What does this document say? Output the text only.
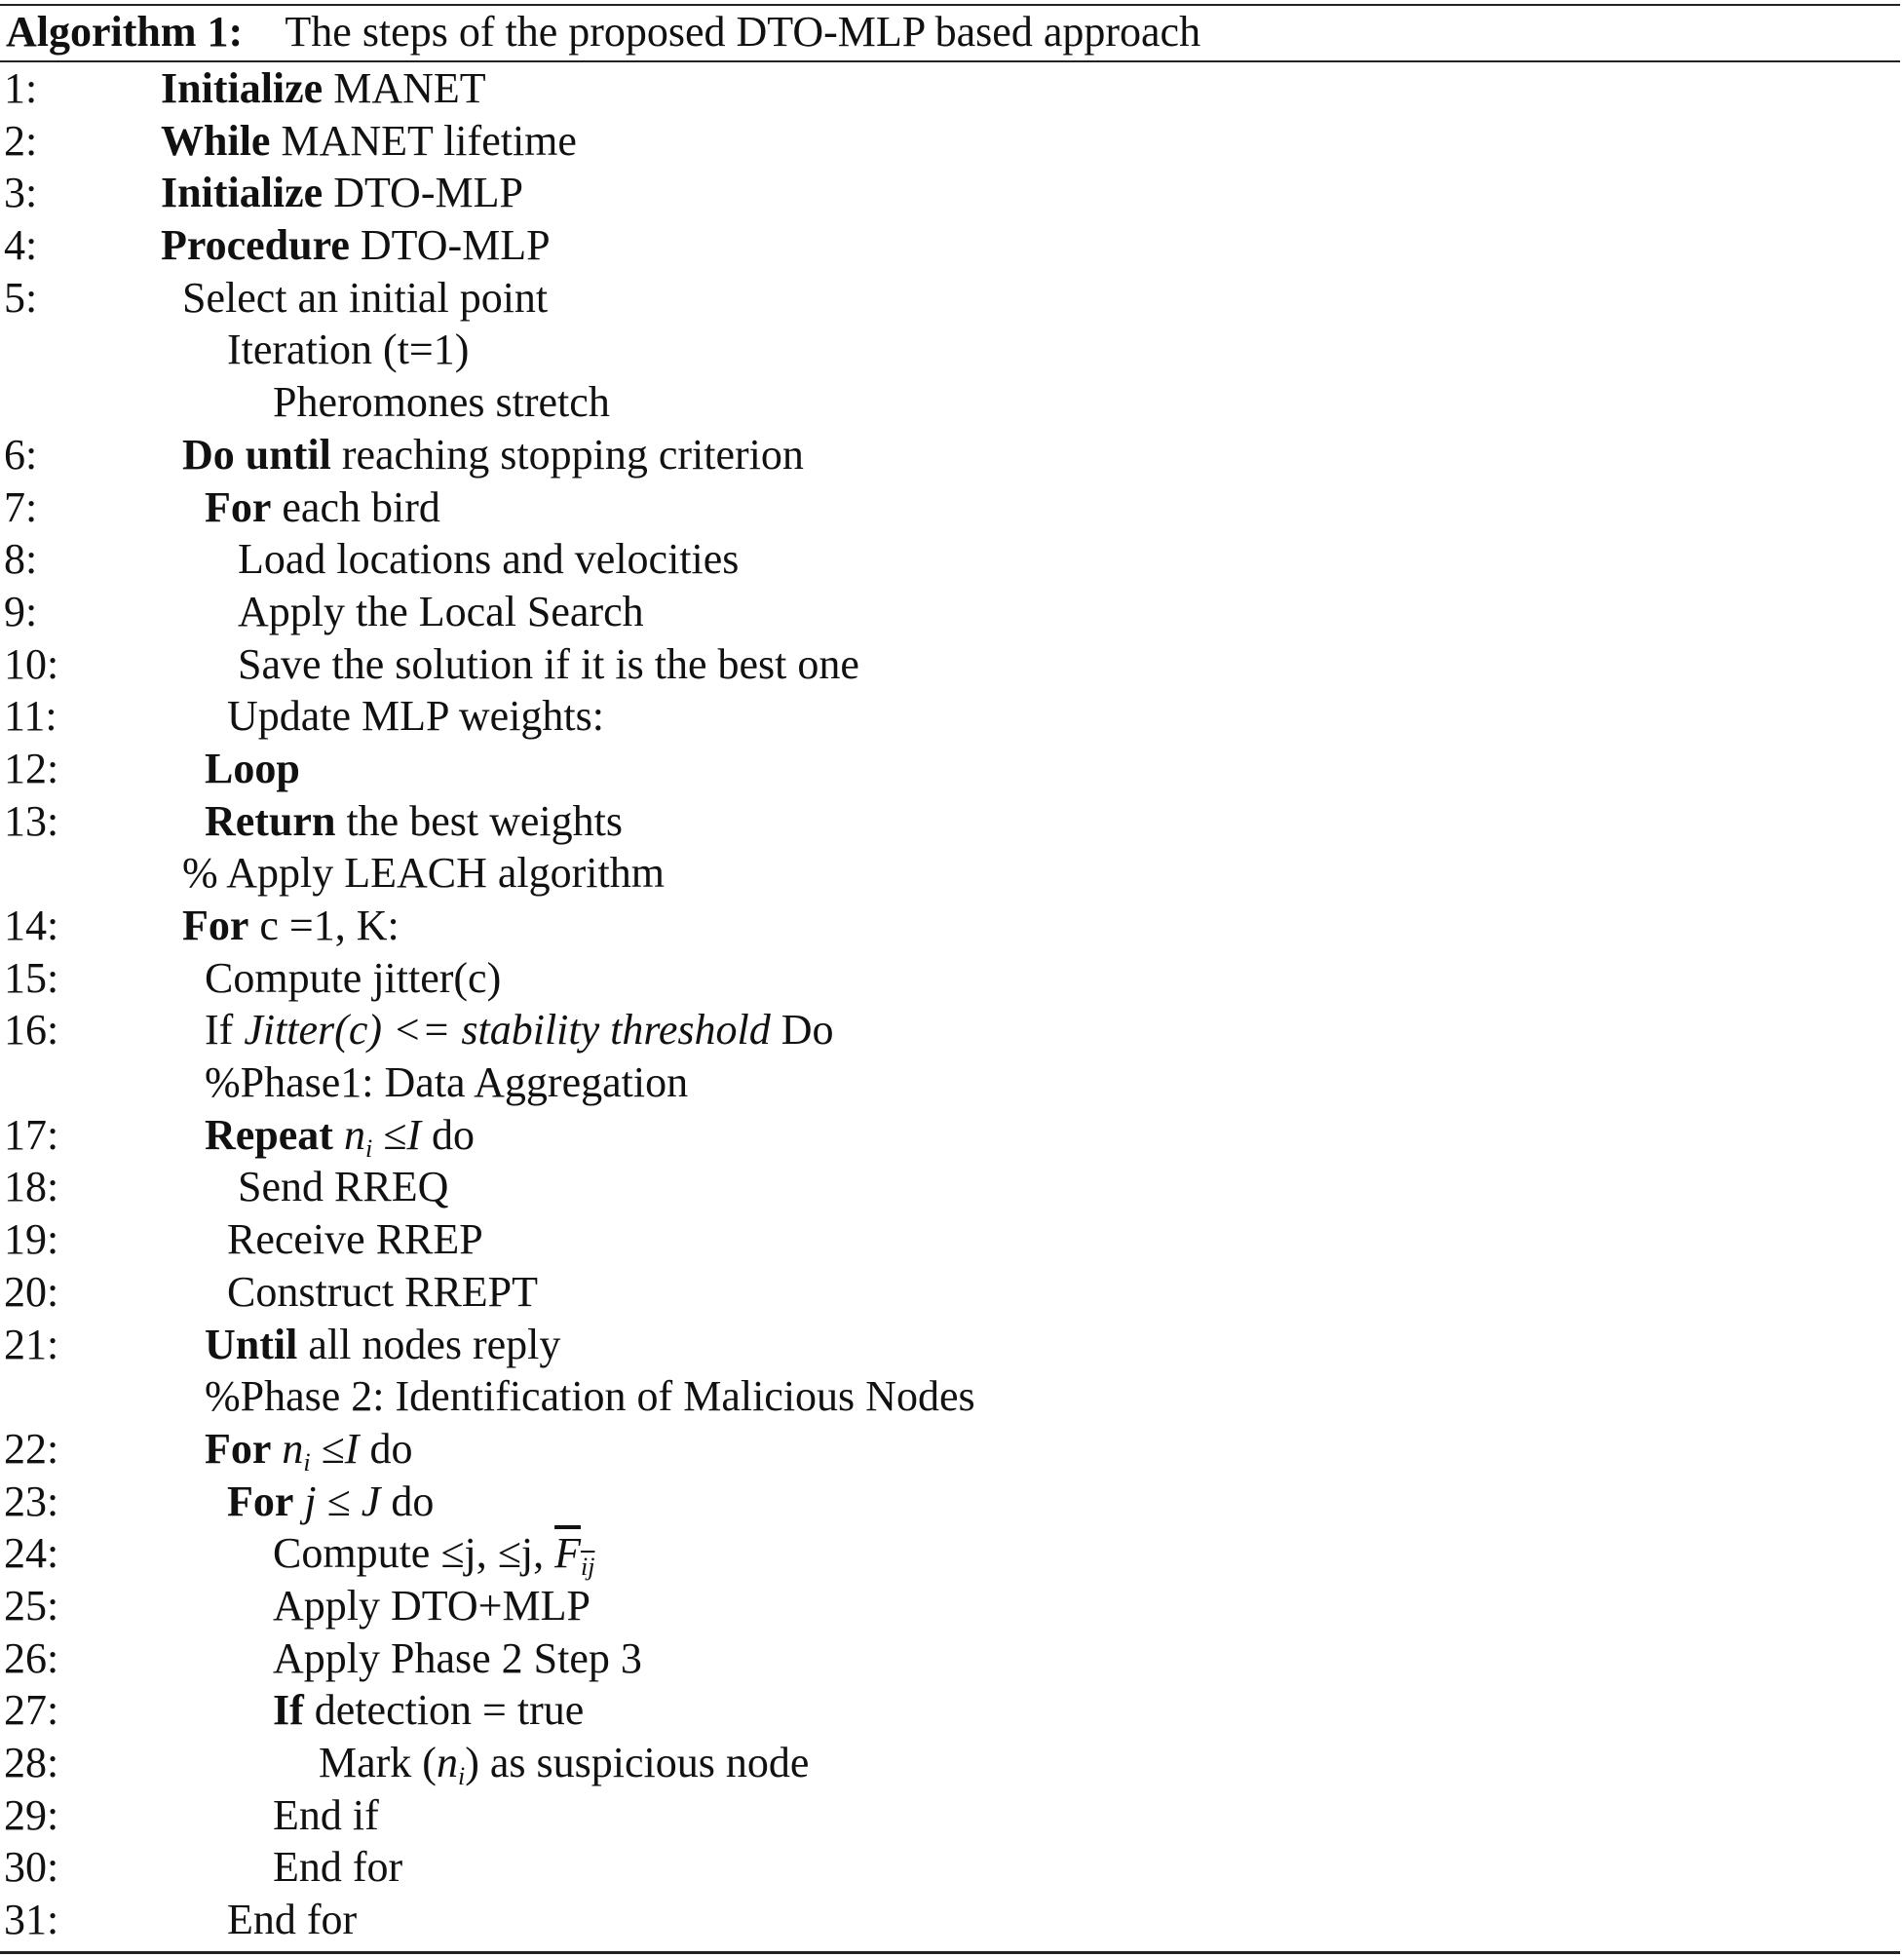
Algorithm 1: The steps of the proposed DTO-MLP based approach
1:	Initialize MANET
2:	While MANET lifetime
3:	Initialize DTO-MLP
4:	Procedure DTO-MLP
5:	Select an initial point
Iteration (t=1)
Pheromones stretch
6:	Do until reaching stopping criterion
7:	For each bird
8:	Load locations and velocities
9:	Apply the Local Search
10:	Save the solution if it is the best one
11:	Update MLP weights:
12:	Loop
13:	Return the best weights
% Apply LEACH algorithm
14:	For c =1, K:
15:	Compute jitter(c)
16:	If Jitter(c) <= stability threshold Do
%Phase1: Data Aggregation
17:	Repeat $n_i \le I$ do
18:	Send RREQ
19:	Receive RREP
20:	Construct RREPT
21:	Until all nodes reply
%Phase 2: Identification of Malicious Nodes
22:	For $n_i \le I$ do
23:	For j ≤ J do
24:	Compute ≤j, ≤j, $\overline{F}_{\overline{ij}}$
25:	Apply DTO+MLP
26:	Apply Phase 2 Step 3
27:	If detection = true
28:	Mark $(n_i)$ as suspicious node
29:	End if
30:	End for
31:	End for
